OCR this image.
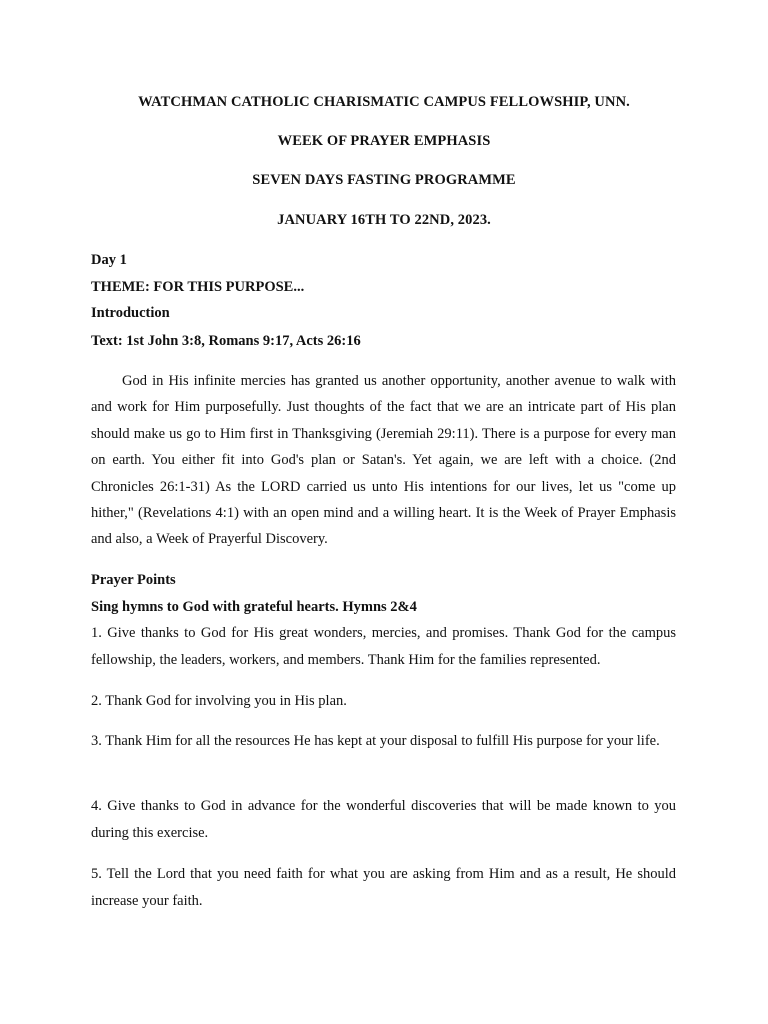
WATCHMAN CATHOLIC CHARISMATIC CAMPUS FELLOWSHIP, UNN.
WEEK OF PRAYER EMPHASIS
SEVEN DAYS FASTING PROGRAMME
JANUARY 16TH TO 22ND, 2023.
Day 1
THEME: FOR THIS PURPOSE...
Introduction
Text: 1st John 3:8, Romans 9:17, Acts 26:16
God in His infinite mercies has granted us another opportunity, another avenue to walk with and work for Him purposefully. Just thoughts of the fact that we are an intricate part of His plan should make us go to Him first in Thanksgiving (Jeremiah 29:11). There is a purpose for every man on earth. You either fit into God's plan or Satan's. Yet again, we are left with a choice. (2nd Chronicles 26:1-31) As the LORD carried us unto His intentions for our lives, let us "come up hither," (Revelations 4:1) with an open mind and a willing heart. It is the Week of Prayer Emphasis and also, a Week of Prayerful Discovery.
Prayer Points
Sing hymns to God with grateful hearts. Hymns 2&4
1. Give thanks to God for His great wonders, mercies, and promises. Thank God for the campus fellowship, the leaders, workers, and members. Thank Him for the families represented.
2. Thank God for involving you in His plan.
3. Thank Him for all the resources He has kept at your disposal to fulfill His purpose for your life.
4. Give thanks to God in advance for the wonderful discoveries that will be made known to you during this exercise.
5. Tell the Lord that you need faith for what you are asking from Him and as a result, He should increase your faith.
